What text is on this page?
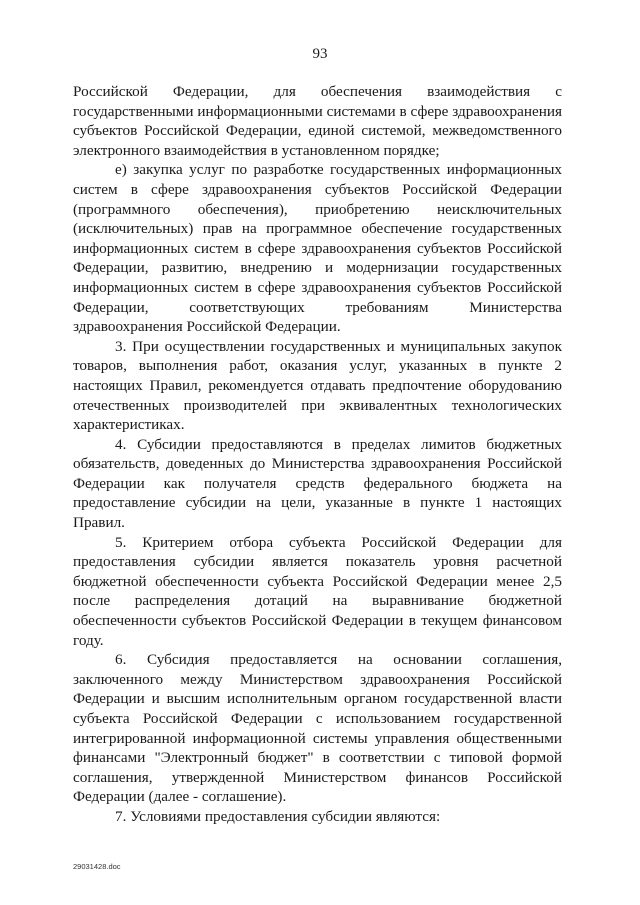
93

Российской Федерации, для обеспечения взаимодействия с

государственными информационными системами в сфере здравоохранения

субъектов Российской Федерации, единой системой, межведомственного

электронного взаимодействия в установленном порядке;

е) закупка услуг по разработке государственных информационных

систем в сфере здравоохранения субъектов Российской Федерации

(программного обеспечения), приобретению неисключительных

(исключительных) прав на программное обеспечение государственных

информационных систем в сфере здравоохранения субъектов Российской

Федерации, развитию, внедрению и модернизации государственных

информационных систем в сфере здравоохранения субъектов Российской

Федерации, соответствующих требованиям Министерства

здравоохранения Российской Федерации.

3. При осуществлении государственных и муниципальных закупок

товаров, выполнения работ, оказания услуг, указанных в пункте 2

настоящих Правил, рекомендуется отдавать предпочтение оборудованию

отечественных производителей при эквивалентных технологических

характеристиках.

4. Субсидии предоставляются в пределах лимитов бюджетных

обязательств, доведенных до Министерства здравоохранения Российской

Федерации как получателя средств федерального бюджета на

предоставление субсидии на цели, указанные в пункте 1 настоящих

Правил.

5. Критерием отбора субъекта Российской Федерации для

предоставления субсидии является показатель уровня расчетной

бюджетной обеспеченности субъекта Российской Федерации менее 2,5

после распределения дотаций на выравнивание бюджетной

обеспеченности субъектов Российской Федерации в текущем финансовом

году.

6. Субсидия предоставляется на основании соглашения,

заключенного между Министерством здравоохранения Российской

Федерации и высшим исполнительным органом государственной власти

субъекта Российской Федерации с использованием государственной

интегрированной информационной системы управления общественными

финансами "Электронный бюджет" в соответствии с типовой формой

соглашения, утвержденной Министерством финансов Российской

Федерации (далее - соглашение).

7. Условиями предоставления субсидии являются:

29031428.doc
